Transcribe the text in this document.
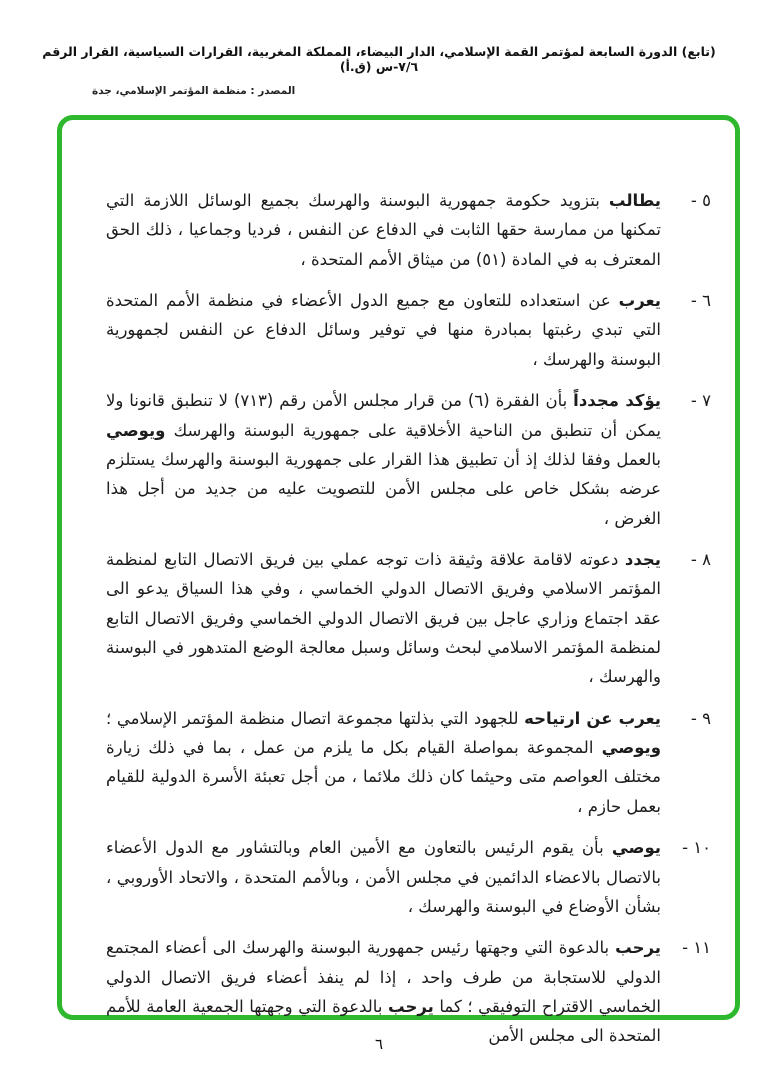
(تابع) الدورة السابعة لمؤتمر القمة الإسلامي، الدار البيضاء، المملكة المغربية، القرارات السياسية، القرار الرقم ٧/٦-س (ق.أ)
المصدر : منظمة المؤتمر الإسلامي، جدة
٥ -
يطالب بتزويد حكومة جمهورية البوسنة والهرسك بجميع الوسائل اللازمة التي تمكنها من ممارسة حقها الثابت في الدفاع عن النفس ، فرديا وجماعيا ، ذلك الحق المعترف به في المادة (٥١) من ميثاق الأمم المتحدة ،
٦ -
يعرب عن استعداده للتعاون مع جميع الدول الأعضاء في منظمة الأمم المتحدة التي تبدي رغبتها بمبادرة منها في توفير وسائل الدفاع عن النفس لجمهورية البوسنة والهرسك ،
٧ -
يؤكد مجدداً بأن الفقرة (٦) من قرار مجلس الأمن رقم (٧١٣) لا تنطبق قانونا ولا يمكن أن تنطبق من الناحية الأخلاقية على جمهورية البوسنة والهرسك ويوصي بالعمل وفقا لذلك إذ أن تطبيق هذا القرار على جمهورية البوسنة والهرسك يستلزم عرضه بشكل خاص على مجلس الأمن للتصويت عليه من جديد من أجل هذا الغرض ،
٨ -
يجدد دعوته لاقامة علاقة وثيقة ذات توجه عملي بين فريق الاتصال التابع لمنظمة المؤتمر الاسلامي وفريق الاتصال الدولي الخماسي ، وفي هذا السياق يدعو الى عقد اجتماع وزاري عاجل بين فريق الاتصال الدولي الخماسي وفريق الاتصال التابع لمنظمة المؤتمر الاسلامي لبحث وسائل وسبل معالجة الوضع المتدهور في البوسنة والهرسك ،
٩ -
يعرب عن ارتياحه للجهود التي بذلتها مجموعة اتصال منظمة المؤتمر الإسلامي ؛ ويوصي المجموعة بمواصلة القيام بكل ما يلزم من عمل ، بما في ذلك زيارة مختلف العواصم متى وحيثما كان ذلك ملائما ، من أجل تعبئة الأسرة الدولية للقيام بعمل حازم ،
١٠ -
يوصي بأن يقوم الرئيس بالتعاون مع الأمين العام وبالتشاور مع الدول الأعضاء بالاتصال بالاعضاء الدائمين في مجلس الأمن ، وبالأمم المتحدة ، والاتحاد الأوروبي ، بشأن الأوضاع في البوسنة والهرسك ،
١١ -
يرحب بالدعوة التي وجهتها رئيس جمهورية البوسنة والهرسك الى أعضاء المجتمع الدولي للاستجابة من طرف واحد ، إذا لم ينفذ أعضاء فريق الاتصال الدولي الخماسي الاقتراح التوفيقي ؛ كما يرحب بالدعوة التي وجهتها الجمعية العامة للأمم المتحدة الى مجلس الأمن
٦
